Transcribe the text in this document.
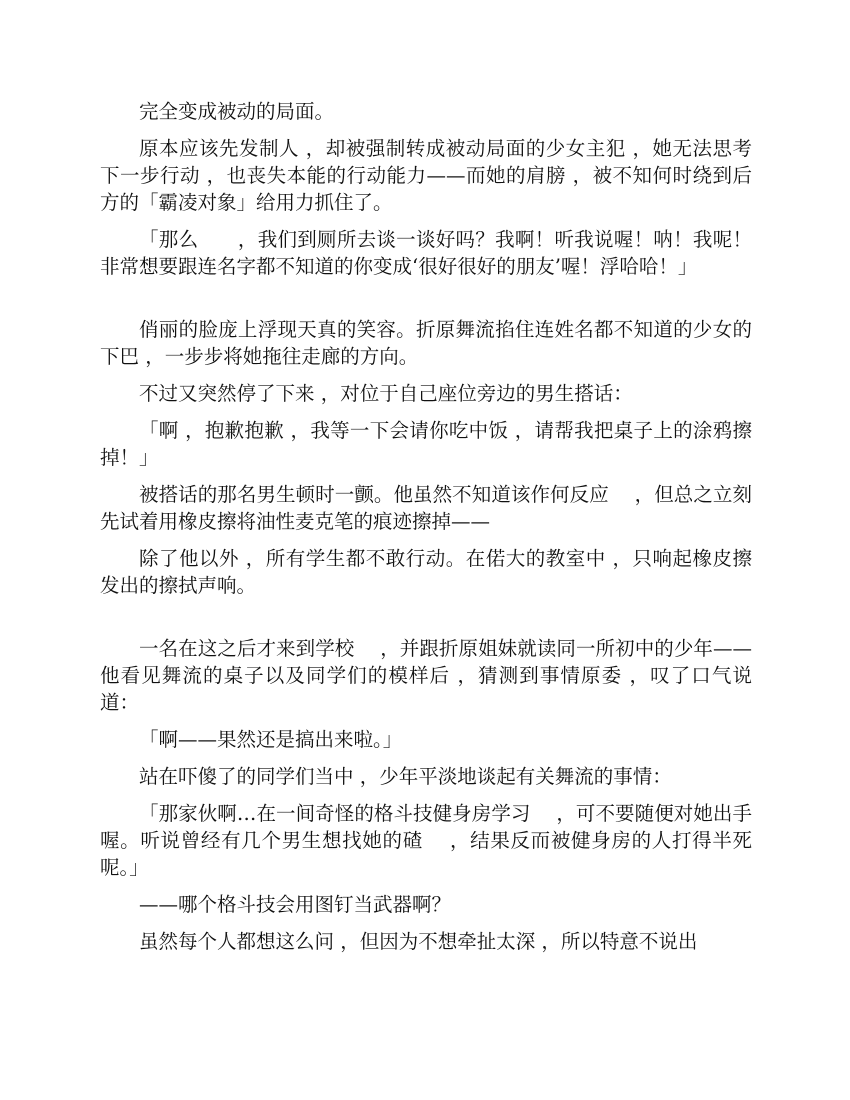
完全变成被动的局面。

原本应该先发制人 ，却被强制转成被动局面的少女主犯 ，她无法思考下一步行动 ，也丧失本能的行动能力——而她的肩膀 ，被不知何时绕到后方的「霸凌对象」给用力抓住了。

「那么　　，我们到厕所去谈一谈好吗？我啊！听我说喔！呐！我呢！非常想要跟连名字都不知道的你变成‘很好很好的朋友’喔！浮哈哈！」

俏丽的脸庞上浮现天真的笑容。折原舞流掐住连姓名都不知道的少女的下巴 ，一步步将她拖往走廊的方向。

不过又突然停了下来 ，对位于自己座位旁边的男生搭话：

「啊 ，抱歉抱歉 ，我等一下会请你吃中饭 ，请帮我把桌子上的涂鸦擦掉！」

被搭话的那名男生顿时一颤。他虽然不知道该作何反应　 ，但总之立刻先试着用橡皮擦将油性麦克笔的痕迹擦掉——

除了他以外 ，所有学生都不敢行动。在偌大的教室中 ，只响起橡皮擦发出的擦拭声响。

一名在这之后才来到学校　 ，并跟折原姐妹就读同一所初中的少年——他看见舞流的桌子以及同学们的模样后 ，猜测到事情原委 ，叹了口气说道：

「啊——果然还是搞出来啦。」

站在吓傻了的同学们当中 ，少年平淡地谈起有关舞流的事情：

「那家伙啊…在一间奇怪的格斗技健身房学习　 ，可不要随便对她出手喔。听说曾经有几个男生想找她的碴　 ，结果反而被健身房的人打得半死呢。」

——哪个格斗技会用图钉当武器啊？

虽然每个人都想这么问 ，但因为不想牵扯太深 ，所以特意不说出
